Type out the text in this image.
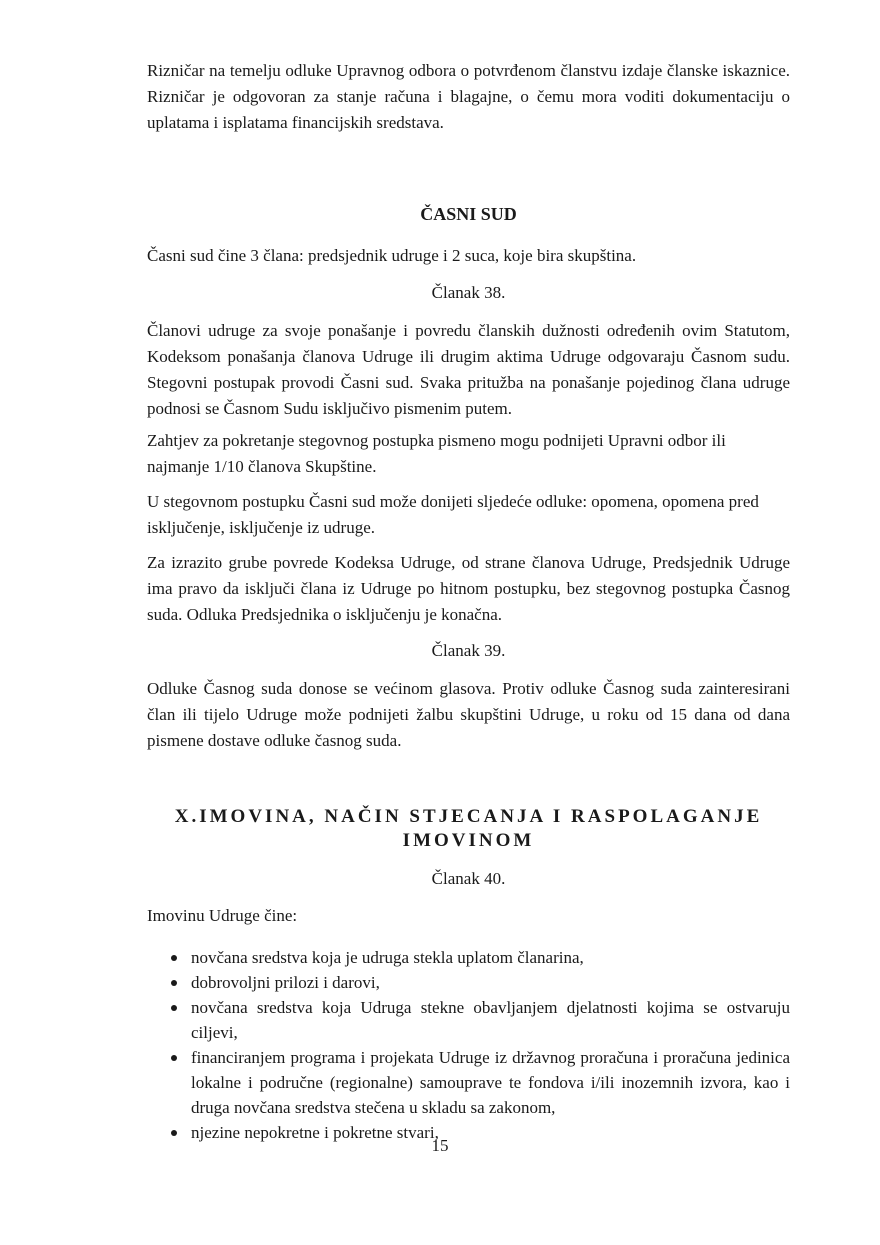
Rizničar na temelju odluke Upravnog odbora o potvrđenom članstvu izdaje članske iskaznice. Rizničar je odgovoran za stanje računa i blagajne, o čemu mora voditi dokumentaciju o uplatama i isplatama financijskih sredstava.

ČASNI SUD

Časni sud čine 3 člana: predsjednik udruge i 2 suca, koje bira skupština.

Članak 38.

Članovi udruge za svoje ponašanje i povredu članskih dužnosti određenih ovim Statutom, Kodeksom ponašanja članova Udruge ili drugim aktima Udruge odgovaraju Časnom sudu. Stegovni postupak provodi Časni sud. Svaka pritužba na ponašanje pojedinog člana udruge podnosi se Časnom Sudu isključivo pismenim putem.

Zahtjev za pokretanje stegovnog postupka pismeno mogu podnijeti Upravni odbor ili najmanje 1/10 članova Skupštine.

U stegovnom postupku Časni sud može donijeti sljedeće odluke: opomena, opomena pred isključenje, isključenje iz udruge.

Za izrazito grube povrede Kodeksa Udruge, od strane članova Udruge, Predsjednik Udruge ima pravo da isključi člana iz Udruge po hitnom postupku, bez stegovnog postupka Časnog suda. Odluka Predsjednika o isključenju je konačna.

Članak 39.

Odluke Časnog suda donose se većinom glasova. Protiv odluke Časnog suda zainteresirani član ili tijelo Udruge može podnijeti žalbu skupštini Udruge, u roku od 15 dana od dana pismene dostave odluke časnog suda.

X.IMOVINA, NAČIN STJECANJA I RASPOLAGANJE

IMOVINOM

Članak 40.

Imovinu Udruge čine:

novčana sredstva koja je udruga stekla uplatom članarina,
dobrovoljni prilozi i darovi,
novčana sredstva koja Udruga stekne obavljanjem djelatnosti kojima se ostvaruju ciljevi,
financiranjem programa i projekata Udruge iz državnog proračuna i proračuna jedinica lokalne i područne (regionalne) samouprave te fondova i/ili inozemnih izvora, kao i druga novčana sredstva stečena u skladu sa zakonom,
njezine nepokretne i pokretne stvari,
15
